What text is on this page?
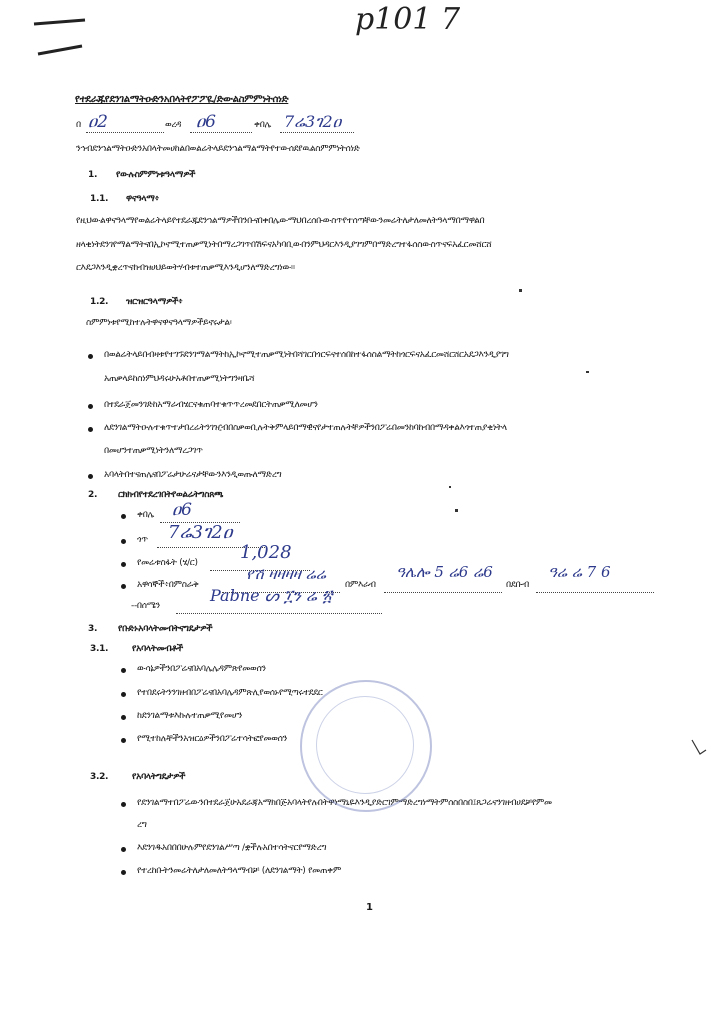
p101 7
የተደራጁየደንገልማትዑድንአበላትየፖፖዪ/ድውልስምምነትሰነድ
በ ዐ2	ወረዳ ዐ6	ቀበሌ 7ሬ3ገ2ዐ
ንኅብደንኀልማትዑድንአበላትመሀከልበወልሬትላይደንኀልማልማትየተውሰደየዉልስምምነትሰነድ
1. የውሉስምምነቱዓላማዎች
1.1. ዋናዓላማ፥
የዚህውልዋናዓላማየወልሬትላይየተደራጁደንኀልማዎችበንቡናበቀበሌውማህበረሰቡውስጥየተሰጣቸውንመሬትለታለመለትዓላማበማዋልበ
ዘላቂነትደንገየማልማትናበኢኮኖሚተጠቃሚነትበማረጋገጥበሽፍናአካባቢውበንምህዳርእንዲያገግምበማድረግተፋሰስውስጥናፍአፈርመሸርሸ
ርእደጋእንዲቋረጥናከብዝሀህይወትሃብቱተጠቃሚእንዲሆንለማድረግነው።
1.2. ዝርዝርዓላማዎች፥
ስምምነቱየሚከተሉትዋናዋናዓላማዎችይኖሩታል፡
በወልሬትላይበብዛቱየተገኙደንገማልማትከኢኮኖሚተጠቃሚነትበሻገርበጎርፍናተሰበከተፋሰስልማትከጎርፍናአፈርመሸርሸርአደጋእንዲያገግ
አጠቃላይከስነምህዳሩሁአቶበተጠቃሚነትግንዛቤሻ
በተደራጀመንገድከአማራብሄርናቁጠባተቁጥጥረመደበርትጠቃሚለመሆን
ለደንገልማትዑሉተቁጥተታበረሬትንገዢብበስቃወቢሉትቅምላይበማዊናየታተጠሉትቸዎችንበፖሬበመንከባከብበማዳቀልእጎተጠያቂነትላ
በመሆንተጠቃሚነትንለማረጋገጥ
አባላትበተናጠሌናበፖሬታሁሬናታቸውንእንዲወጡለማድረግ
2. ርክክብየተደረገበትየወልሬትግስጸጫ
ቀበሌ ዐ6
ጎጥ 7ሬ3ገ2ዐ
የመሬቱስፋት (ሄ/ር) 1,028
አዋሳኞች፥በምስራቅ
የሽ ዛዛዛዛ ሬሬ
በምእራብ
ዓሌሎ 5 ሬ6 ሬ6
በደቡብ
ዓሬ ሬ 7 6
--በሰሜን
Pabne ᔕ ፲ን ሬ ፳
3. የቡድኑአባላትመብትናግዴታዎች
3.1.	የአባላትመብቶች
ውሳኔዎችንበፖሬናበአባሌሌዳምጽየመወሰን
የተበደሩትንንገዘብበፖሬናበአባሌዳምጽሊየወሰኑየሚጣሩተደደር
ከደንገልማቱእኩሉተጠቃሚየመሆን
የሚተከሉቸችንአዝርዕዎችንበፖሬተሳትፎየመወሰን
3.2.	የአባላትግዴታዎች
የደንገልማተበፖሬውንበተደራጀሁአደራጃአማክበጅአባላትየሉበትዋነማኒዬእንዲያድርገምማድረግነማትምሰስበስበ፤ጸጋሬናንገዘብሀደቻየምመ
ረግ
እደንገዱአበበበሁሉምየደንገልሥጣ /ቋችሉአበተሳትናርየማድረግ
የተረከቡትንመሬትለታለመለትዓላማብቻ (ለደንገልማት) የመጠቀም
1
